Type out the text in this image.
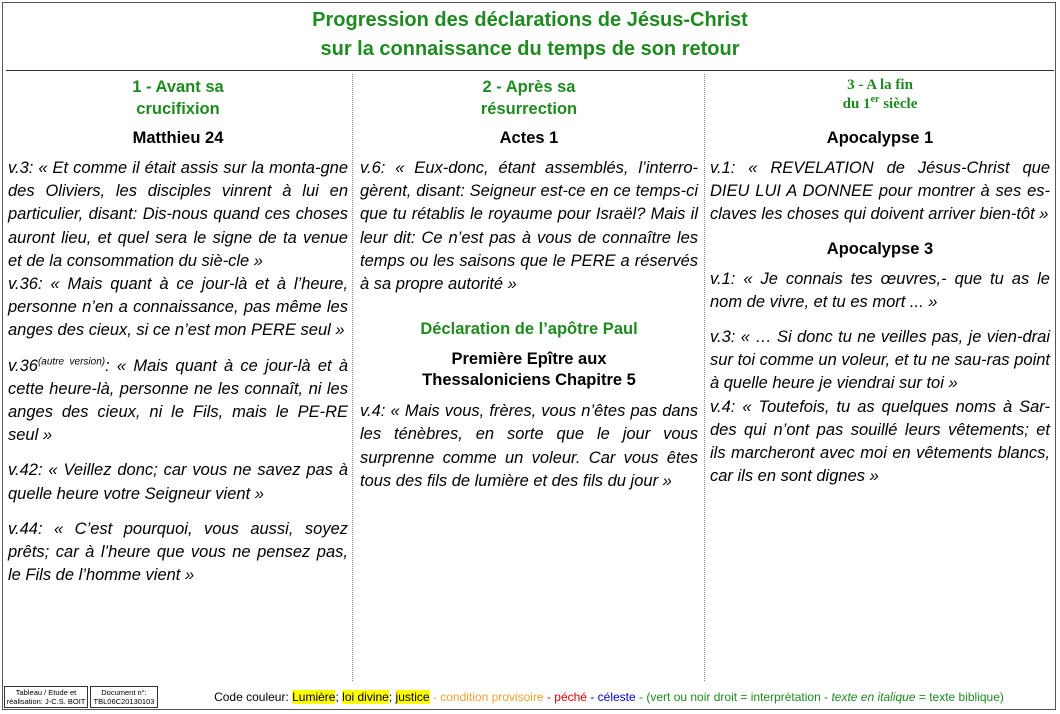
Progression des déclarations de Jésus-Christ
sur la connaissance du temps de son retour
1 - Avant sa
crucifixion
Matthieu 24

v.3: « Et comme il était assis sur la monta-gne des Oliviers, les disciples vinrent à lui en particulier, disant: Dis-nous quand ces choses auront lieu, et quel sera le signe de ta venue et de la consommation du siè-cle »

v.36: « Mais quant à ce jour-là et à l’heure, personne n’en a connaissance, pas même les anges des cieux, si ce n’est mon PERE seul »

$v.36^{(autre version)}$: « Mais quant à ce jour-là et à cette heure-là, personne ne les connaît, ni les anges des cieux, ni le Fils, mais le PE-RE seul »

v.42: « Veillez donc; car vous ne savez pas à quelle heure votre Seigneur vient »

v.44: « C’est pourquoi, vous aussi, soyez prêts; car à l’heure que vous ne pensez pas, le Fils de l’homme vient »

2 - Après sa
résurrection
Actes 1

v.6: « Eux-donc, étant assemblés, l’interro-gèrent, disant: Seigneur est-ce en ce temps-ci que tu rétablis le royaume pour Israël? Mais il leur dit: Ce n’est pas à vous de connaître les temps ou les saisons que le PERE a réservés à sa propre autorité »

Déclaration de l’apôtre Paul
Première Epître aux
Thessaloniciens Chapitre 5

v.4: « Mais vous, frères, vous n’êtes pas dans les ténèbres, en sorte que le jour vous surprenne comme un voleur. Car vous êtes tous des fils de lumière et des fils du jour »

3 - A la fin
du 1er siècle
Apocalypse 1

v.1: « REVELATION de Jésus-Christ que DIEU LUI A DONNEE pour montrer à ses es-claves les choses qui doivent arriver bien-tôt »

Apocalypse 3

v.1: « Je connais tes œuvres,- que tu as le nom de vivre, et tu es mort ... »

v.3: « … Si donc tu ne veilles pas, je vien-drai sur toi comme un voleur, et tu ne sau-ras point à quelle heure je viendrai sur toi »

v.4: « Toutefois, tu as quelques noms à Sar-des qui n’ont pas souillé leurs vêtements; et ils marcheront avec moi en vêtements blancs, car ils en sont dignes »

Tableau / Etude et
réalisation: J-C.S. BOIT
Document n°:
TBL06C20130103	Code couleur: Lumière; loi divine; justice - condition provisoire - péché - céleste - (vert ou noir droit = interprétation - texte en italique = texte biblique)
